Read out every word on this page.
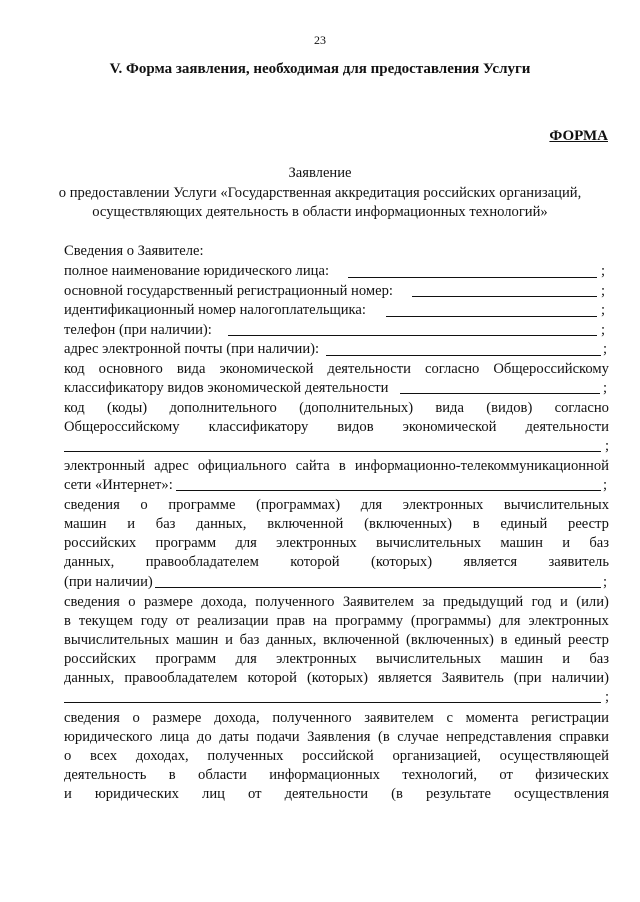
23
V. Форма заявления, необходимая для предоставления Услуги
ФОРМА
Заявление
о предоставлении Услуги «Государственная аккредитация российских организаций,
осуществляющих деятельность в области информационных технологий»
Сведения о Заявителе:
полное наименование юридического лица:	;
основной государственный регистрационный номер:	;
идентификационный номер налогоплательщика:	;
телефон (при наличии):	;
адрес электронной почты (при наличии):	;
код основного вида экономической деятельности согласно Общероссийскому
классификатору видов экономической деятельности	;
код (коды) дополнительного (дополнительных) вида (видов) согласно
Общероссийскому классификатору видов экономической деятельности
;
электронный адрес официального сайта в информационно-телекоммуникационной
сети «Интернет»:	;
сведения о программе (программах) для электронных вычислительных
машин и баз данных, включенной (включенных) в единый реестр
российских программ для электронных вычислительных машин и баз
данных, правообладателем которой (которых) является заявитель
(при наличии)	;
сведения о размере дохода, полученного Заявителем за предыдущий год и (или)
в текущем году от реализации прав на программу (программы) для электронных
вычислительных машин и баз данных, включенной (включенных) в единый реестр
российских программ для электронных вычислительных машин и баз
данных, правообладателем которой (которых) является Заявитель (при наличии)
;
сведения о размере дохода, полученного заявителем с момента регистрации
юридического лица до даты подачи Заявления (в случае непредставления справки
о всех доходах, полученных российской организацией, осуществляющей
деятельность в области информационных технологий, от физических
и юридических лиц от деятельности (в результате осуществления
